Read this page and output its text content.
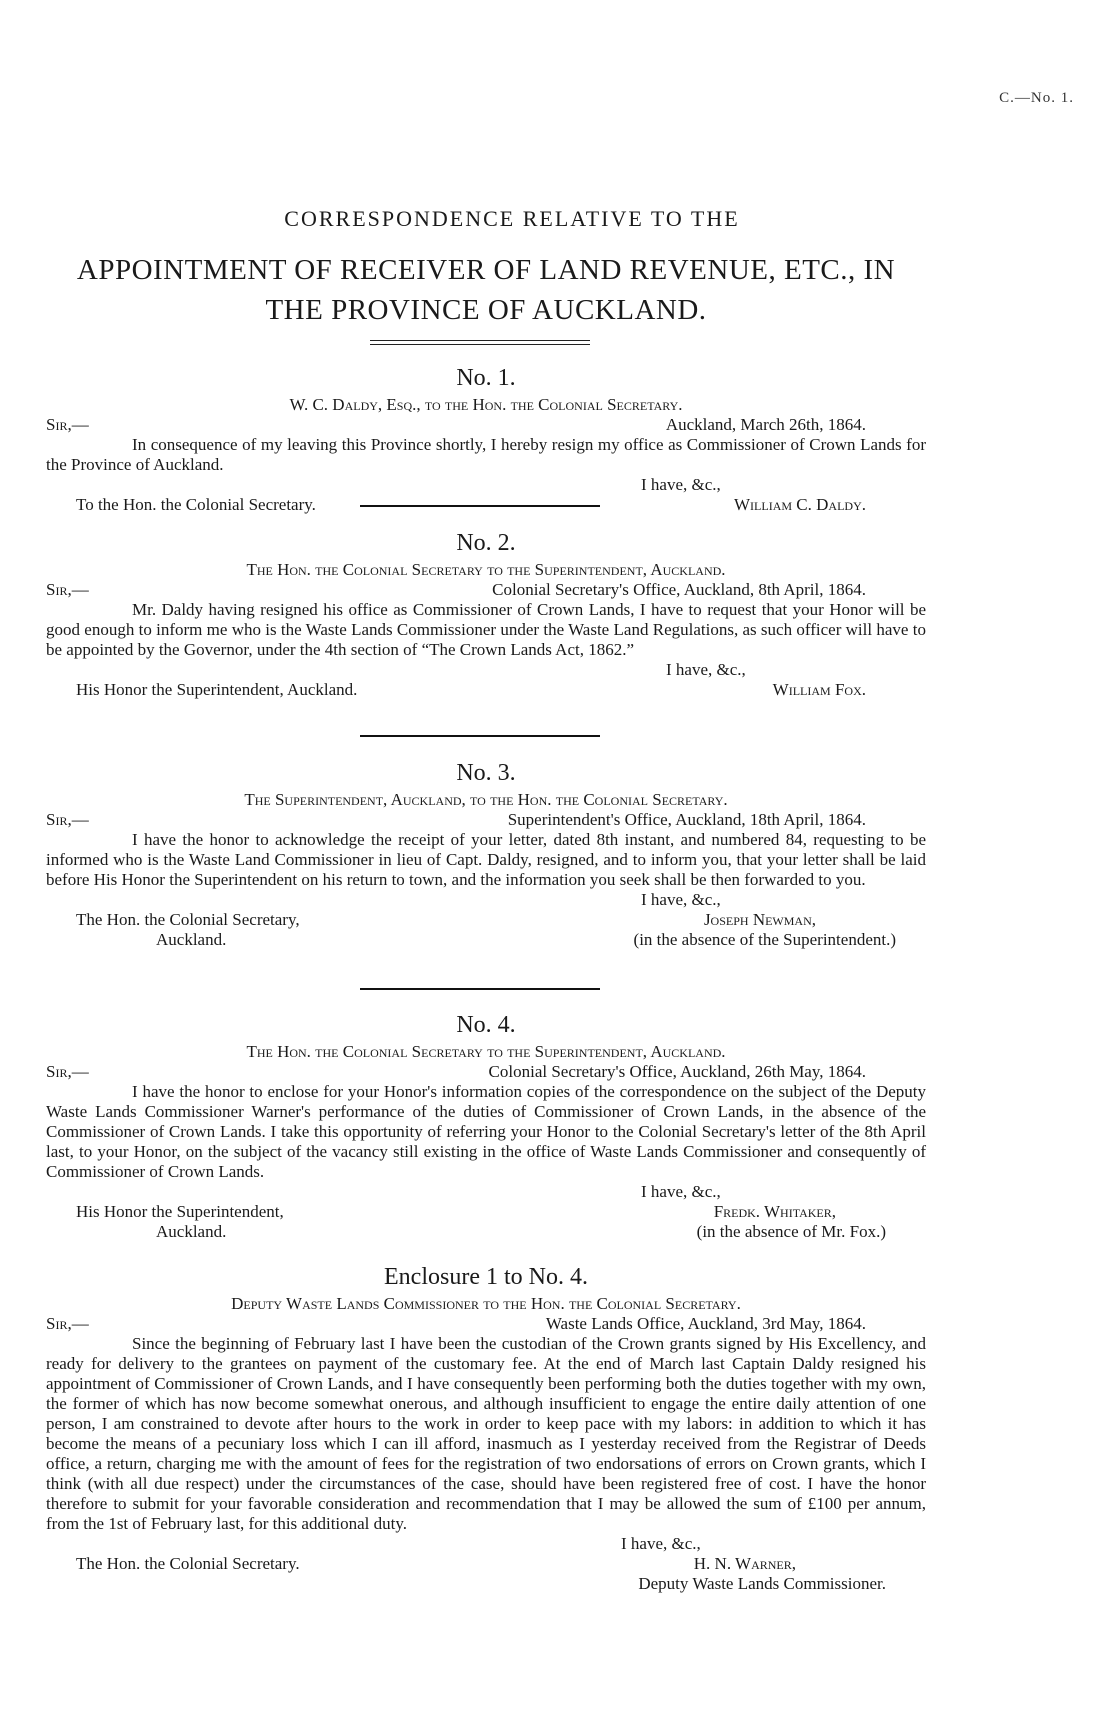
C.—No. 1.
CORRESPONDENCE RELATIVE TO THE
APPOINTMENT OF RECEIVER OF LAND REVENUE, ETC., IN THE PROVINCE OF AUCKLAND.
No. 1.
W. C. Daldy, Esq., to the Hon. the Colonial Secretary.
Sir,—	Auckland, March 26th, 1864.
In consequence of my leaving this Province shortly, I hereby resign my office as Commissioner of Crown Lands for the Province of Auckland.
I have, &c.,
To the Hon. the Colonial Secretary.	William C. Daldy.
No. 2.
The Hon. the Colonial Secretary to the Superintendent, Auckland.
Sir,—	Colonial Secretary's Office, Auckland, 8th April, 1864.
Mr. Daldy having resigned his office as Commissioner of Crown Lands, I have to request that your Honor will be good enough to inform me who is the Waste Lands Commissioner under the Waste Land Regulations, as such officer will have to be appointed by the Governor, under the 4th section of “The Crown Lands Act, 1862.”
I have, &c.,
His Honor the Superintendent, Auckland.	William Fox.
No. 3.
The Superintendent, Auckland, to the Hon. the Colonial Secretary.
Sir,—	Superintendent's Office, Auckland, 18th April, 1864.
I have the honor to acknowledge the receipt of your letter, dated 8th instant, and numbered 84, requesting to be informed who is the Waste Land Commissioner in lieu of Capt. Daldy, resigned, and to inform you, that your letter shall be laid before His Honor the Superintendent on his return to town, and the information you seek shall be then forwarded to you.
I have, &c.,
The Hon. the Colonial Secretary,	Joseph Newman,
Auckland.	(in the absence of the Superintendent.)
No. 4.
The Hon. the Colonial Secretary to the Superintendent, Auckland.
Sir,—	Colonial Secretary's Office, Auckland, 26th May, 1864.
I have the honor to enclose for your Honor's information copies of the correspondence on the subject of the Deputy Waste Lands Commissioner Warner's performance of the duties of Commissioner of Crown Lands, in the absence of the Commissioner of Crown Lands. I take this opportunity of referring your Honor to the Colonial Secretary's letter of the 8th April last, to your Honor, on the subject of the vacancy still existing in the office of Waste Lands Commissioner and consequently of Commissioner of Crown Lands.
I have, &c.,
His Honor the Superintendent,	Fredk. Whitaker,
Auckland.	(in the absence of Mr. Fox.)
Enclosure 1 to No. 4.
Deputy Waste Lands Commissioner to the Hon. the Colonial Secretary.
Sir,—	Waste Lands Office, Auckland, 3rd May, 1864.
Since the beginning of February last I have been the custodian of the Crown grants signed by His Excellency, and ready for delivery to the grantees on payment of the customary fee. At the end of March last Captain Daldy resigned his appointment of Commissioner of Crown Lands, and I have consequently been performing both the duties together with my own, the former of which has now become somewhat onerous, and although insufficient to engage the entire daily attention of one person, I am constrained to devote after hours to the work in order to keep pace with my labors: in addition to which it has become the means of a pecuniary loss which I can ill afford, inasmuch as I yesterday received from the Registrar of Deeds office, a return, charging me with the amount of fees for the registration of two endorsations of errors on Crown grants, which I think (with all due respect) under the circumstances of the case, should have been registered free of cost. I have the honor therefore to submit for your favorable consideration and recommendation that I may be allowed the sum of £100 per annum, from the 1st of February last, for this additional duty.
I have, &c.,
The Hon. the Colonial Secretary.	H. N. Warner,
Deputy Waste Lands Commissioner.
